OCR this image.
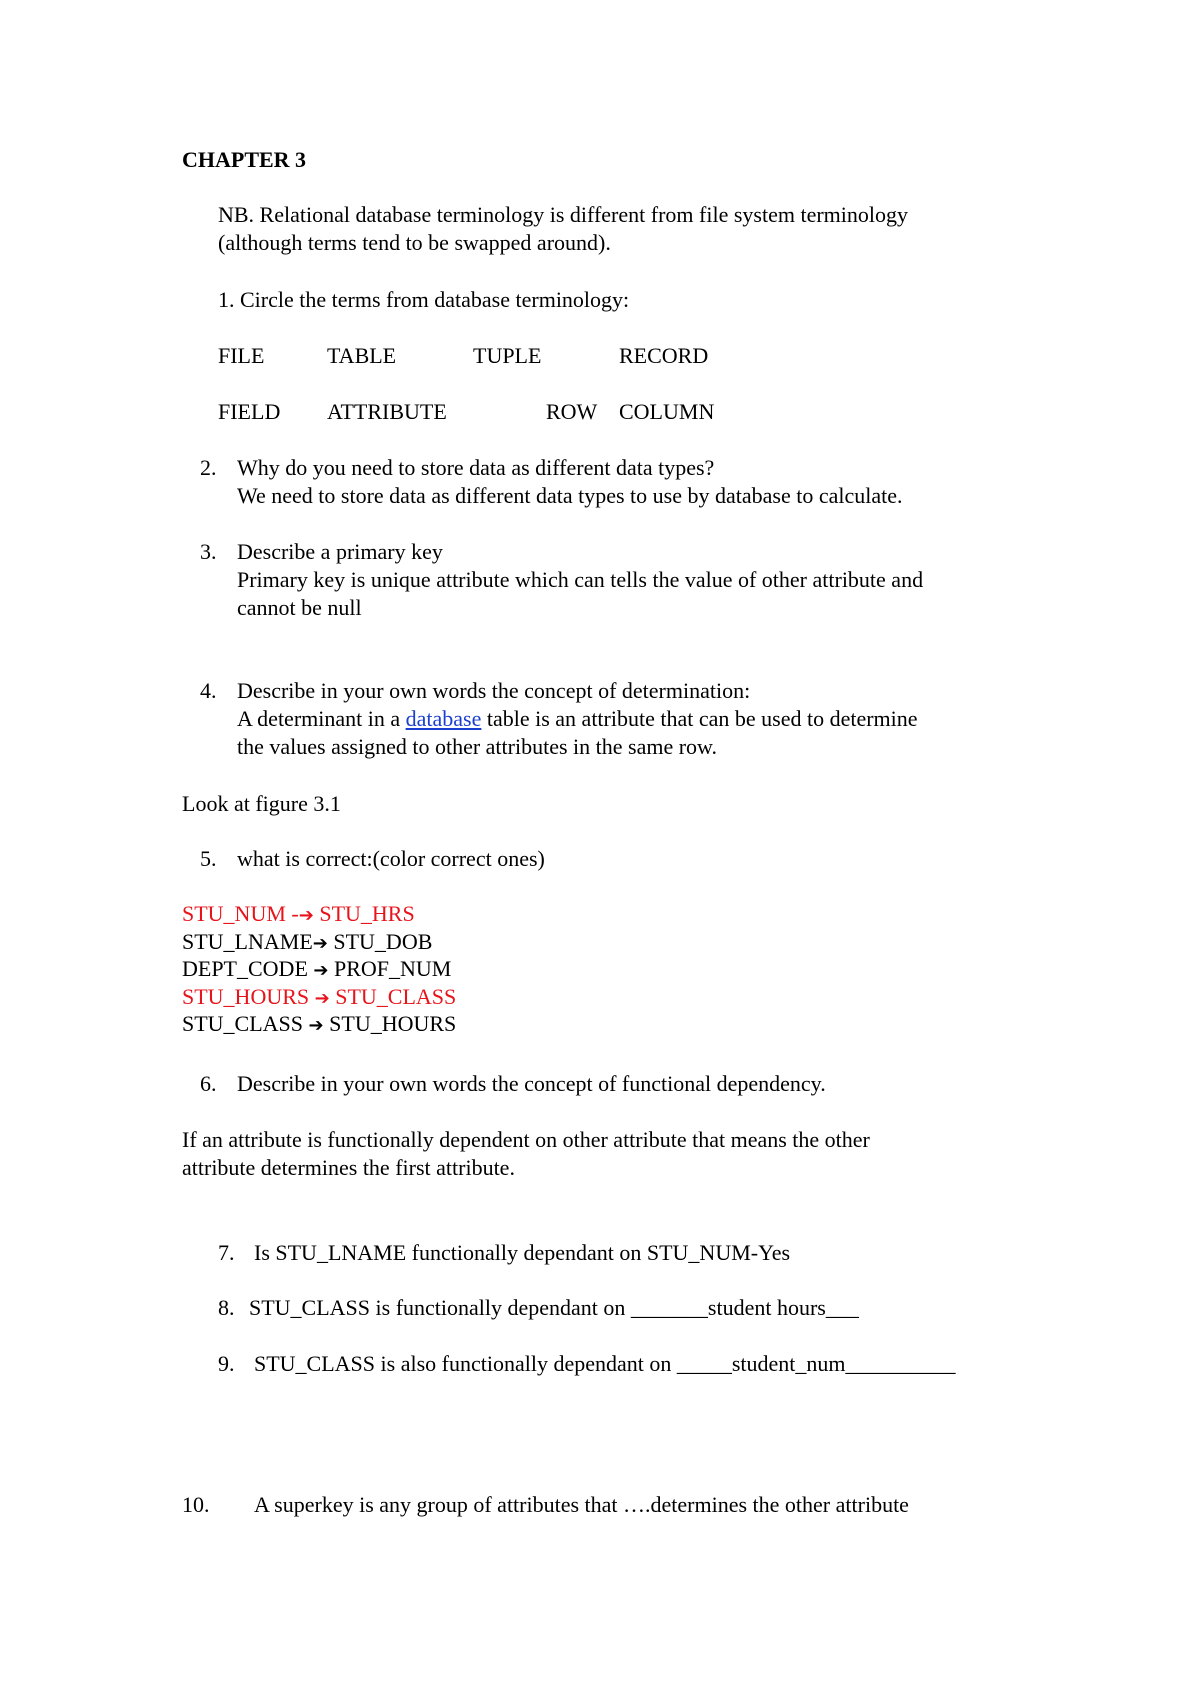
CHAPTER 3
NB. Relational database terminology is different from file system terminology
(although terms tend to be swapped around).
1. Circle the terms from database terminology:
FILE	TABLE	TUPLE	RECORD
FIELD ATTRIBUTE	ROW COLUMN
2. Why do you need to store data as different data types?
We need to store data as different data types to use by database to calculate.
3. Describe a primary key
Primary key is unique attribute which can tells the value of other attribute and
cannot be null
4. Describe in your own words the concept of determination:
A determinant in a database table is an attribute that can be used to determine
the values assigned to other attributes in the same row.
Look at figure 3.1
5. what is correct:(color correct ones)
STU_NUM -➔ STU_HRS
STU_LNAME➔ STU_DOB
DEPT_CODE ➔ PROF_NUM
STU_HOURS ➔ STU_CLASS
STU_CLASS ➔ STU_HOURS
6. Describe in your own words the concept of functional dependency.
If an attribute is functionally dependent on other attribute that means the other
attribute determines the first attribute.
7. Is STU_LNAME functionally dependant on STU_NUM-Yes
8. STU_CLASS is functionally dependant on _______student hours___
9. STU_CLASS is also functionally dependant on _____student_num__________
10. A superkey is any group of attributes that ….determines the other attribute
